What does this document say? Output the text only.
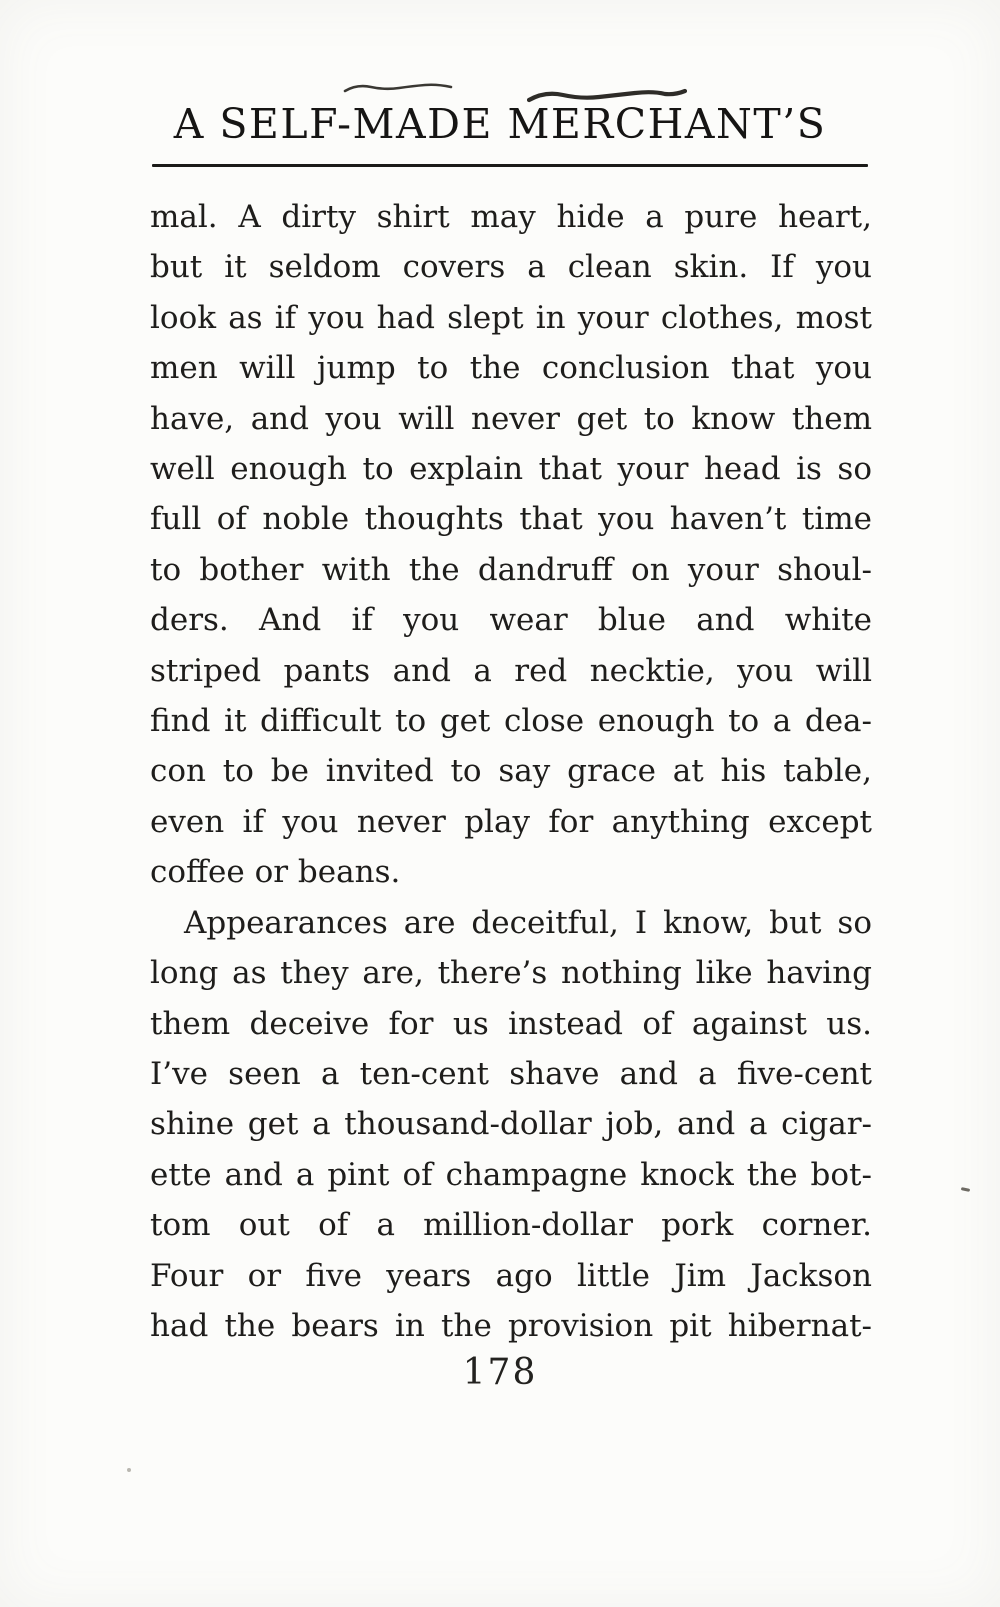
A SELF-MADE MERCHANT’S
mal. A dirty shirt may hide a pure heart,
but it seldom covers a clean skin. If you
look as if you had slept in your clothes, most
men will jump to the conclusion that you
have, and you will never get to know them
well enough to explain that your head is so
full of noble thoughts that you haven’t time
to bother with the dandruff on your shoul-
ders. And if you wear blue and white
striped pants and a red necktie, you will
find it difficult to get close enough to a dea-
con to be invited to say grace at his table,
even if you never play for anything except
coffee or beans.
Appearances are deceitful, I know, but so
long as they are, there’s nothing like having
them deceive for us instead of against us.
I’ve seen a ten-cent shave and a five-cent
shine get a thousand-dollar job, and a cigar-
ette and a pint of champagne knock the bot-
tom out of a million-dollar pork corner.
Four or five years ago little Jim Jackson
had the bears in the provision pit hibernat-
178
